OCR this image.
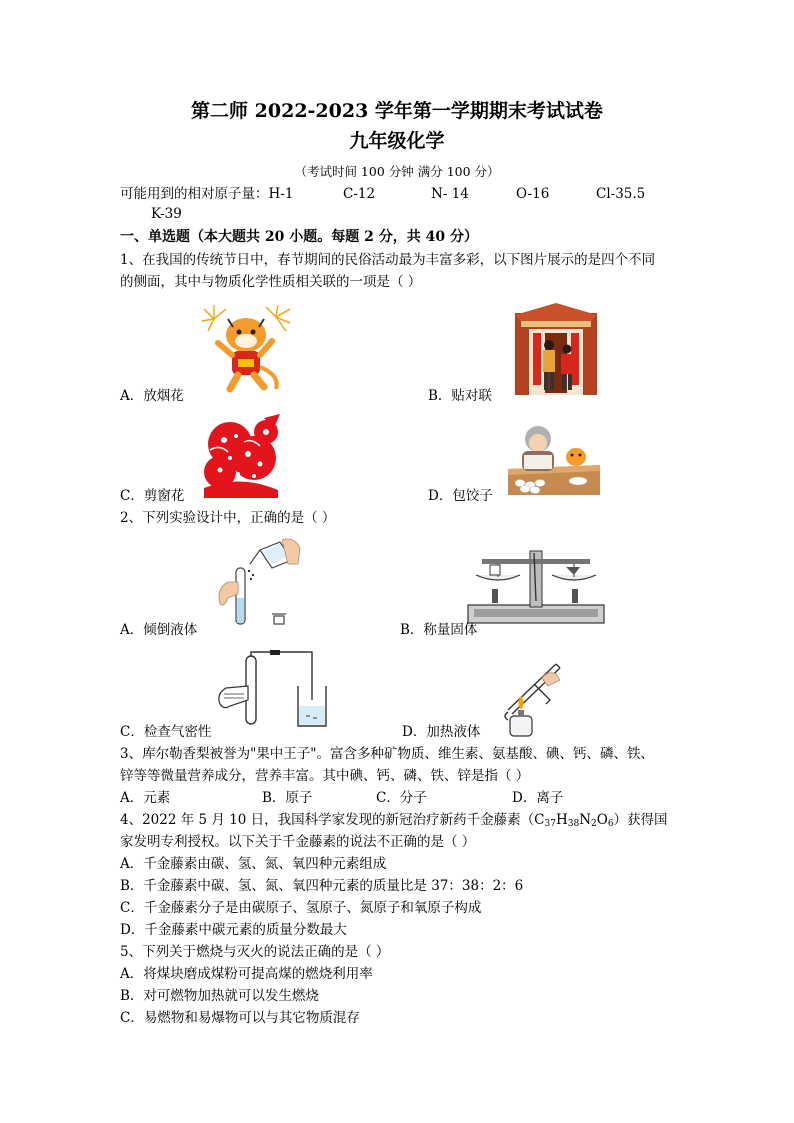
第二师 2022-2023 学年第一学期期末考试试卷
九年级化学
（考试时间 100 分钟 满分 100 分）
可能用到的相对原子量：H-1	C-12	N- 14	O-16	Cl-35.5
K-39
一、单选题（本大题共 20 小题。每题 2 分，共 40 分）
1、在我国的传统节日中，春节期间的民俗活动最为丰富多彩，以下图片展示的是四个不同
的侧面，其中与物质化学性质相关联的一项是（ ）
A．放烟花	B．贴对联
C．剪窗花	D．包饺子
2、下列实验设计中，正确的是（ ）
A．倾倒液体	B．称量固体
C．检查气密性	D．加热液体
3、库尔勒香梨被誉为"果中王子"。富含多种矿物质、维生素、氨基酸、碘、钙、磷、铁、
锌等等微量营养成分，营养丰富。其中碘、钙、磷、铁、锌是指（ ）
A．元素	B．原子	C．分子	D．离子
4、2022 年 5 月 10 日，我国科学家发现的新冠治疗新药千金藤素$(C_{37}H_{38}N_2O_6)$获得国
家发明专利授权。以下关于千金藤素的说法不正确的是（ ）
A．千金藤素由碳、氢、氮、氧四种元素组成
B．千金藤素中碳、氢、氮、氧四种元素的质量比是 37：38：2：6
C．千金藤素分子是由碳原子、氢原子、氮原子和氧原子构成
D．千金藤素中碳元素的质量分数最大
5、下列关于燃烧与灭火的说法正确的是（ ）
A．将煤块磨成煤粉可提高煤的燃烧利用率
B．对可燃物加热就可以发生燃烧
C．易燃物和易爆物可以与其它物质混存
